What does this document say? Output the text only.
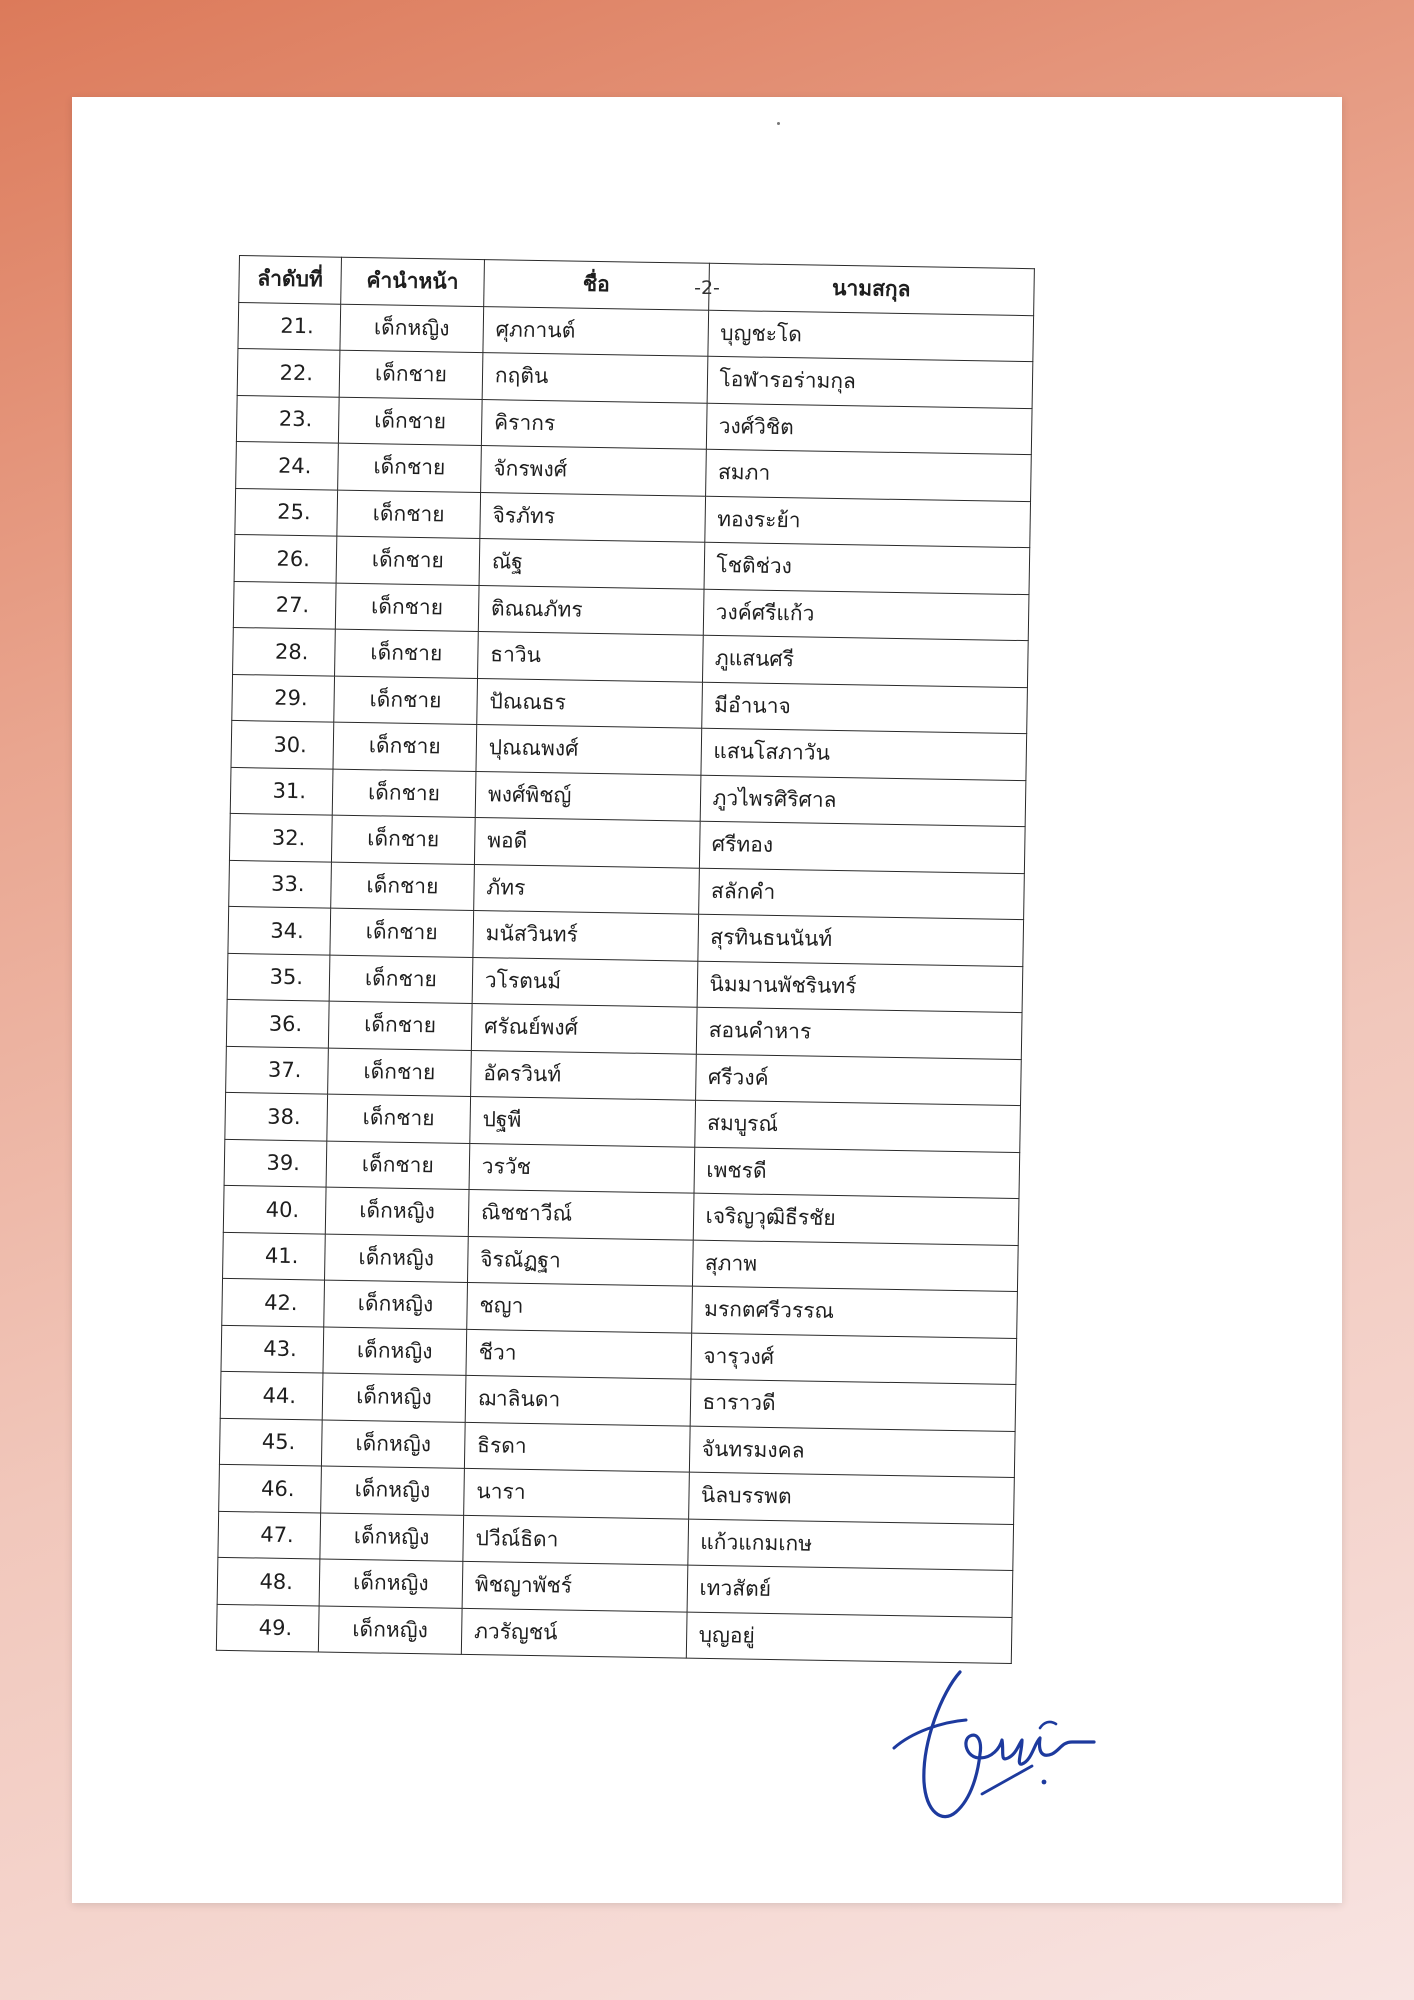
-2-
ลำดับที่	คำนำหน้า	ชื่อ	นามสกุล
21.	เด็กหญิง	ศุภกานต์	บุญชะโด
22.	เด็กชาย	กฤติน	โอฬารอร่ามกุล
23.	เด็กชาย	คิรากร	วงศ์วิชิต
24.	เด็กชาย	จักรพงศ์	สมภา
25.	เด็กชาย	จิรภัทร	ทองระย้า
26.	เด็กชาย	ณัฐ	โชติช่วง
27.	เด็กชาย	ติณณภัทร	วงค์ศรีแก้ว
28.	เด็กชาย	ธาวิน	ภูแสนศรี
29.	เด็กชาย	ปัณณธร	มีอำนาจ
30.	เด็กชาย	ปุณณพงศ์	แสนโสภาวัน
31.	เด็กชาย	พงศ์พิชญ์	ภูวไพรศิริศาล
32.	เด็กชาย	พอดี	ศรีทอง
33.	เด็กชาย	ภัทร	สลักคำ
34.	เด็กชาย	มนัสวินทร์	สุรทินธนนันท์
35.	เด็กชาย	วโรตนม์	นิมมานพัชรินทร์
36.	เด็กชาย	ศรัณย์พงศ์	สอนคำหาร
37.	เด็กชาย	อัครวินท์	ศรีวงค์
38.	เด็กชาย	ปฐพี	สมบูรณ์
39.	เด็กชาย	วรวัช	เพชรดี
40.	เด็กหญิง	ณิชชาวีณ์	เจริญวุฒิธีรชัย
41.	เด็กหญิง	จิรณัฏฐา	สุภาพ
42.	เด็กหญิง	ชญา	มรกตศรีวรรณ
43.	เด็กหญิง	ชีวา	จารุวงศ์
44.	เด็กหญิง	ฌาลินดา	ธาราวดี
45.	เด็กหญิง	ธิรดา	จันทรมงคล
46.	เด็กหญิง	นารา	นิลบรรพต
47.	เด็กหญิง	ปวีณ์ธิดา	แก้วแกมเกษ
48.	เด็กหญิง	พิชญาพัชร์	เทวสัตย์
49.	เด็กหญิง	ภวรัญชน์	บุญอยู่
